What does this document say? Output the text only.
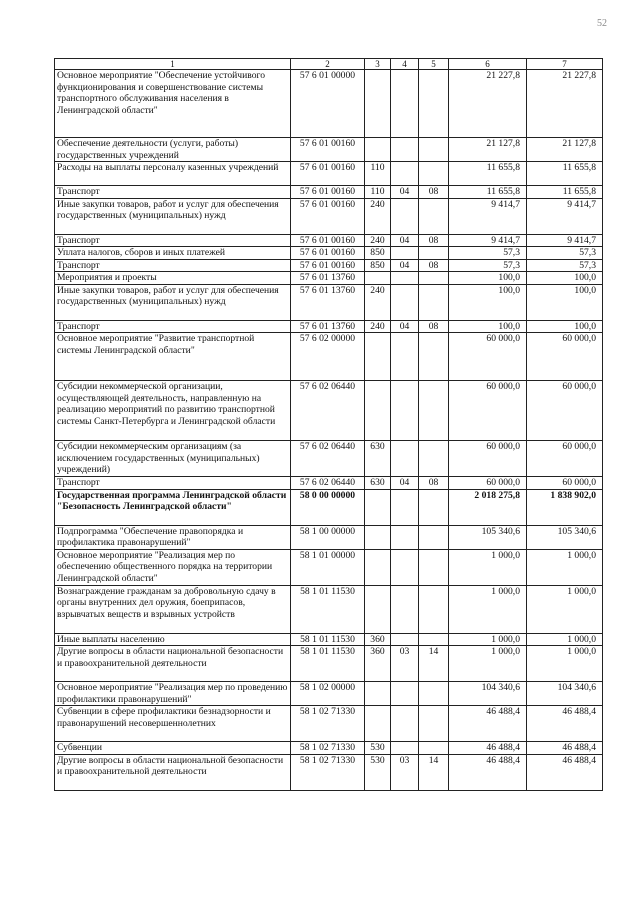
52
1	2	3	4	5	6	7
Основное мероприятие "Обеспечение устойчивого функционирования и совершенствование системы транспортного обслуживания населения в Ленинградской области"	57 6 01 00000				21 227,8	21 227,8
Обеспечение деятельности (услуги, работы) государственных учреждений	57 6 01 00160				21 127,8	21 127,8
Расходы на выплаты персоналу казенных учреждений	57 6 01 00160	110			11 655,8	11 655,8
Транспорт	57 6 01 00160	110	04	08	11 655,8	11 655,8
Иные закупки товаров, работ и услуг для обеспечения государственных (муниципальных) нужд	57 6 01 00160	240			9 414,7	9 414,7
Транспорт	57 6 01 00160	240	04	08	9 414,7	9 414,7
Уплата налогов, сборов и иных платежей	57 6 01 00160	850			57,3	57,3
Транспорт	57 6 01 00160	850	04	08	57,3	57,3
Мероприятия и проекты	57 6 01 13760				100,0	100,0
Иные закупки товаров, работ и услуг для обеспечения государственных (муниципальных) нужд	57 6 01 13760	240			100,0	100,0
Транспорт	57 6 01 13760	240	04	08	100,0	100,0
Основное мероприятие "Развитие транспортной системы Ленинградской области"	57 6 02 00000				60 000,0	60 000,0
Субсидии некоммерческой организации, осуществляющей деятельность, направленную на реализацию мероприятий по развитию транспортной системы Санкт-Петербурга и Ленинградской области	57 6 02 06440				60 000,0	60 000,0
Субсидии некоммерческим организациям (за исключением государственных (муниципальных) учреждений)	57 6 02 06440	630			60 000,0	60 000,0
Транспорт	57 6 02 06440	630	04	08	60 000,0	60 000,0
Государственная программа Ленинградской области "Безопасность Ленинградской области"	58 0 00 00000				2 018 275,8	1 838 902,0
Подпрограмма "Обеспечение правопорядка и профилактика правонарушений"	58 1 00 00000				105 340,6	105 340,6
Основное мероприятие "Реализация мер по обеспечению общественного порядка на территории Ленинградской области"	58 1 01 00000				1 000,0	1 000,0
Вознаграждение гражданам за добровольную сдачу в органы внутренних дел оружия, боеприпасов, взрывчатых веществ и взрывных устройств	58 1 01 11530				1 000,0	1 000,0
Иные выплаты населению	58 1 01 11530	360			1 000,0	1 000,0
Другие вопросы в области национальной безопасности и правоохранительной деятельности	58 1 01 11530	360	03	14	1 000,0	1 000,0
Основное мероприятие "Реализация мер по проведению профилактики правонарушений"	58 1 02 00000				104 340,6	104 340,6
Субвенции в сфере профилактики безнадзорности и правонарушений несовершеннолетних	58 1 02 71330				46 488,4	46 488,4
Субвенции	58 1 02 71330	530			46 488,4	46 488,4
Другие вопросы в области национальной безопасности и правоохранительной деятельности	58 1 02 71330	530	03	14	46 488,4	46 488,4
